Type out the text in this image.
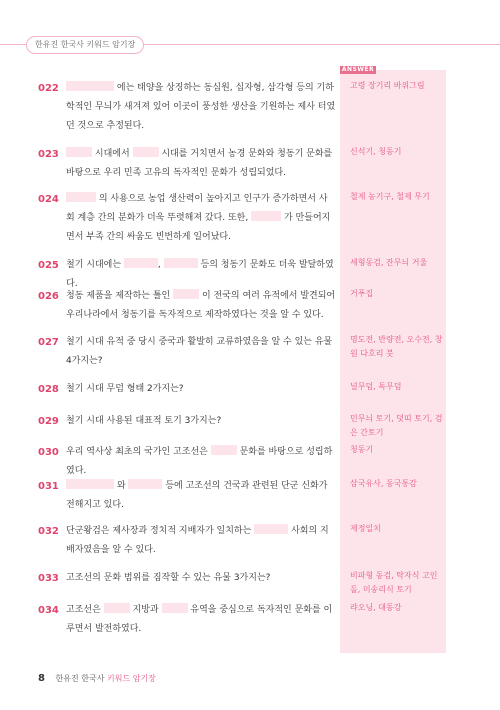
한유진 한국사 키워드 암기장
ANSWER
022	에는 태양을 상징하는 동심원, 십자형, 삼각형 등의 기하학적인 무늬가 새겨져 있어 이곳이 풍성한 생산을 기원하는 제사 터였던 것으로 추정된다.
고령 장기리 바위그림
023	시대에서	시대를 거치면서 농경 문화와 청동기 문화를 바탕으로 우리 민족 고유의 독자적인 문화가 성립되었다.
신석기, 청동기
024	의 사용으로 농업 생산력이 높아지고 인구가 증가하면서 사회 계층 간의 분화가 더욱 뚜렷해져 갔다. 또한,	가 만들어지면서 부족 간의 싸움도 빈번하게 일어났다.
철제 농기구, 철제 무기
025 철기 시대에는	,	등의 청동기 문화도 더욱 발달하였다.
세형동검, 잔무늬 거울
026 청동 제품을 제작하는 틀인	이 전국의 여러 유적에서 발견되어 우리나라에서 청동기를 독자적으로 제작하였다는 것을 알 수 있다.
거푸집
027 철기 시대 유적 중 당시 중국과 활발히 교류하였음을 알 수 있는 유물 4가지는?
명도전, 반량전, 오수전, 창원 다호리 붓
028 철기 시대 무덤 형태 2가지는?	널무덤, 독무덤
029 철기 시대 사용된 대표적 토기 3가지는?	민무늬 토기, 덧띠 토기, 검은 간토기
030 우리 역사상 최초의 국가인 고조선은	문화를 바탕으로 성립하였다.
청동기
031	와	등에 고조선의 건국과 관련된 단군 신화가 전해지고 있다.
삼국유사, 동국통감
032 단군왕검은 제사장과 정치적 지배자가 일치하는	사회의 지배자였음을 알 수 있다.
제정일치
033 고조선의 문화 범위를 짐작할 수 있는 유물 3가지는?	비파형 동검, 탁자식 고인돌, 미송리식 토기
034 고조선은	지방과	유역을 중심으로 독자적인 문화를 이루면서 발전하였다.
랴오닝, 대동강
8 한유진 한국사 키워드 암기장
